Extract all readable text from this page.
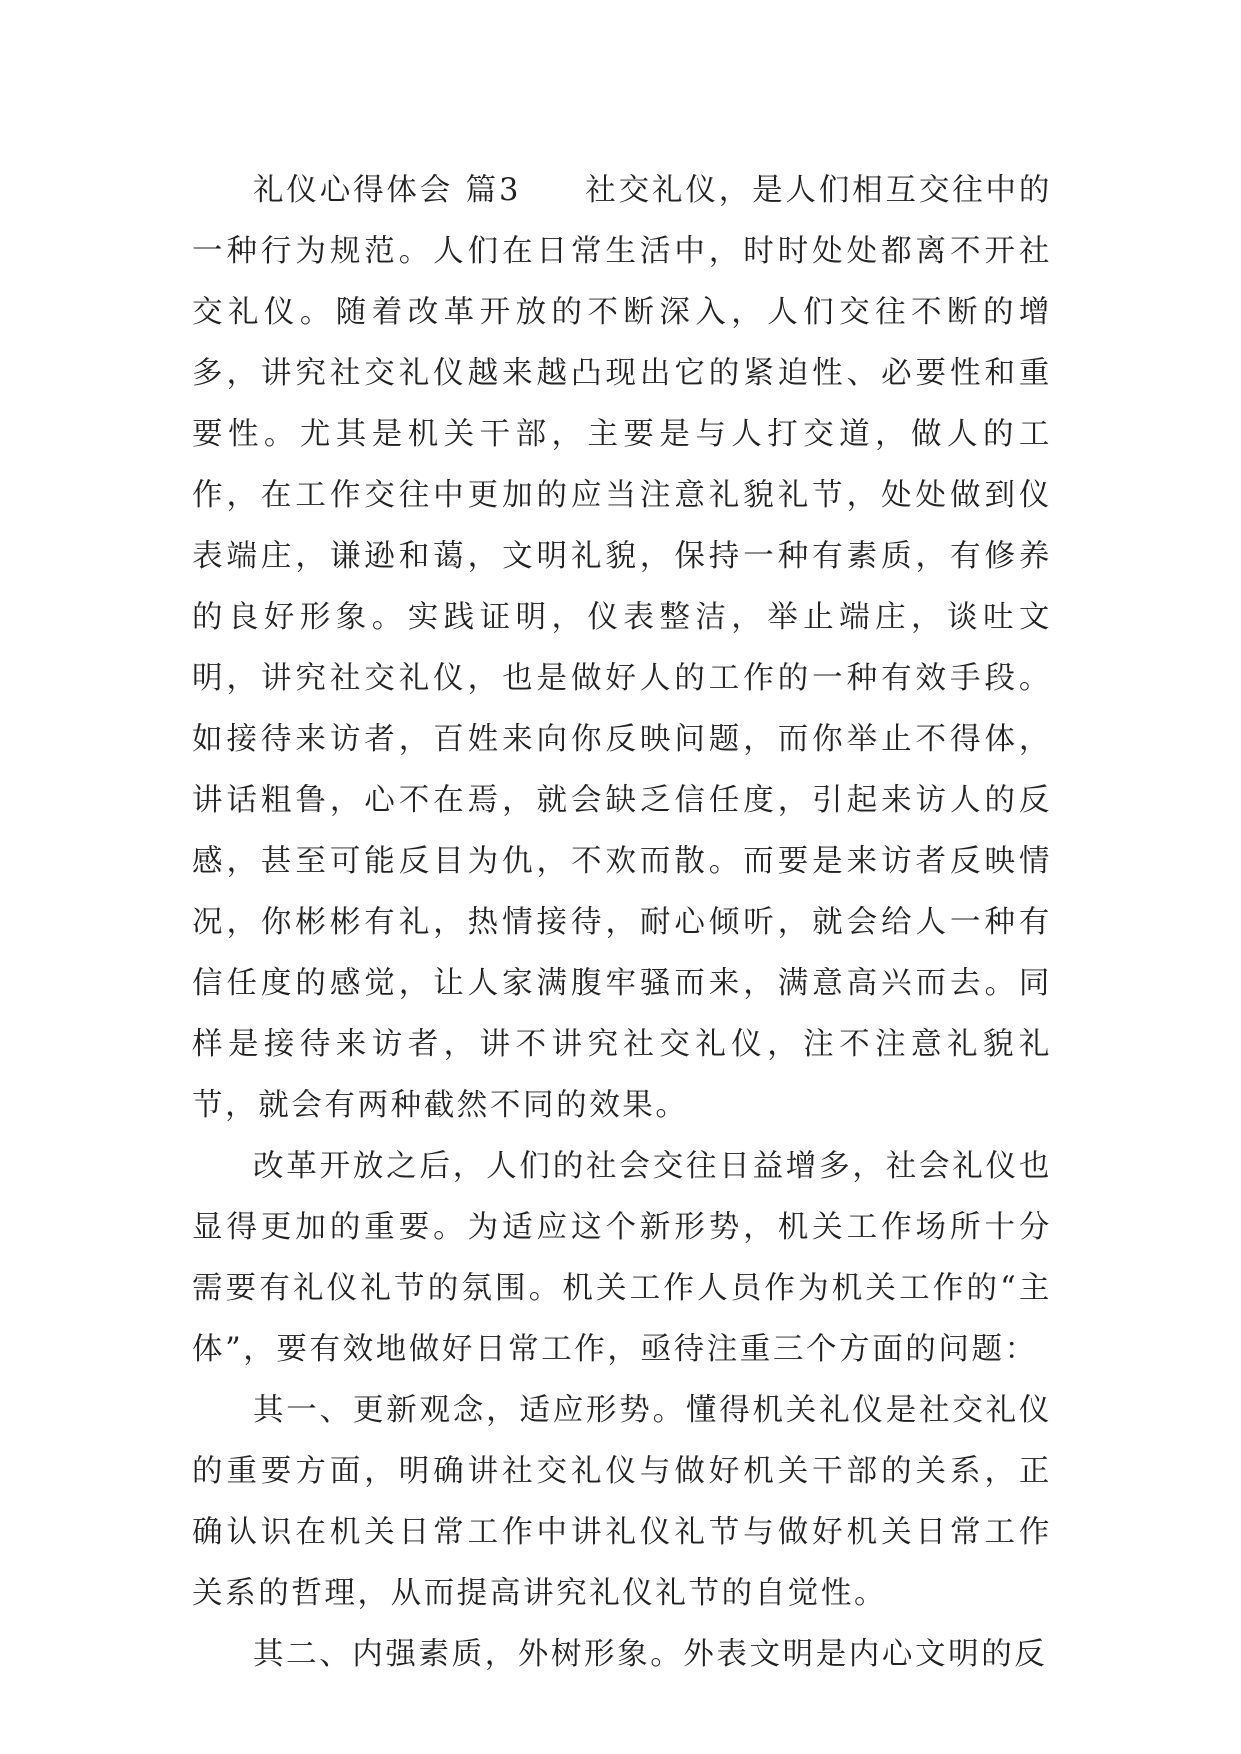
礼仪心得体会 篇3 社交礼仪，是人们相互交往中的一种行为规范。人们在日常生活中，时时处处都离不开社交礼仪。随着改革开放的不断深入，人们交往不断的增多，讲究社交礼仪越来越凸现出它的紧迫性、必要性和重要性。尤其是机关干部，主要是与人打交道，做人的工作，在工作交往中更加的应当注意礼貌礼节，处处做到仪表端庄，谦逊和蔼，文明礼貌，保持一种有素质，有修养的良好形象。实践证明，仪表整洁，举止端庄，谈吐文明，讲究社交礼仪，也是做好人的工作的一种有效手段。如接待来访者，百姓来向你反映问题，而你举止不得体，讲话粗鲁，心不在焉，就会缺乏信任度，引起来访人的反感，甚至可能反目为仇，不欢而散。而要是来访者反映情况，你彬彬有礼，热情接待，耐心倾听，就会给人一种有信任度的感觉，让人家满腹牢骚而来，满意高兴而去。同样是接待来访者，讲不讲究社交礼仪，注不注意礼貌礼节，就会有两种截然不同的效果。

改革开放之后，人们的社会交往日益增多，社会礼仪也显得更加的重要。为适应这个新形势，机关工作场所十分需要有礼仪礼节的氛围。机关工作人员作为机关工作的“主体”，要有效地做好日常工作，亟待注重三个方面的问题：

其一、更新观念，适应形势。懂得机关礼仪是社交礼仪的重要方面，明确讲社交礼仪与做好机关干部的关系，正确认识在机关日常工作中讲礼仪礼节与做好机关日常工作关系的哲理，从而提高讲究礼仪礼节的自觉性。

其二、内强素质，外树形象。外表文明是内心文明的反
